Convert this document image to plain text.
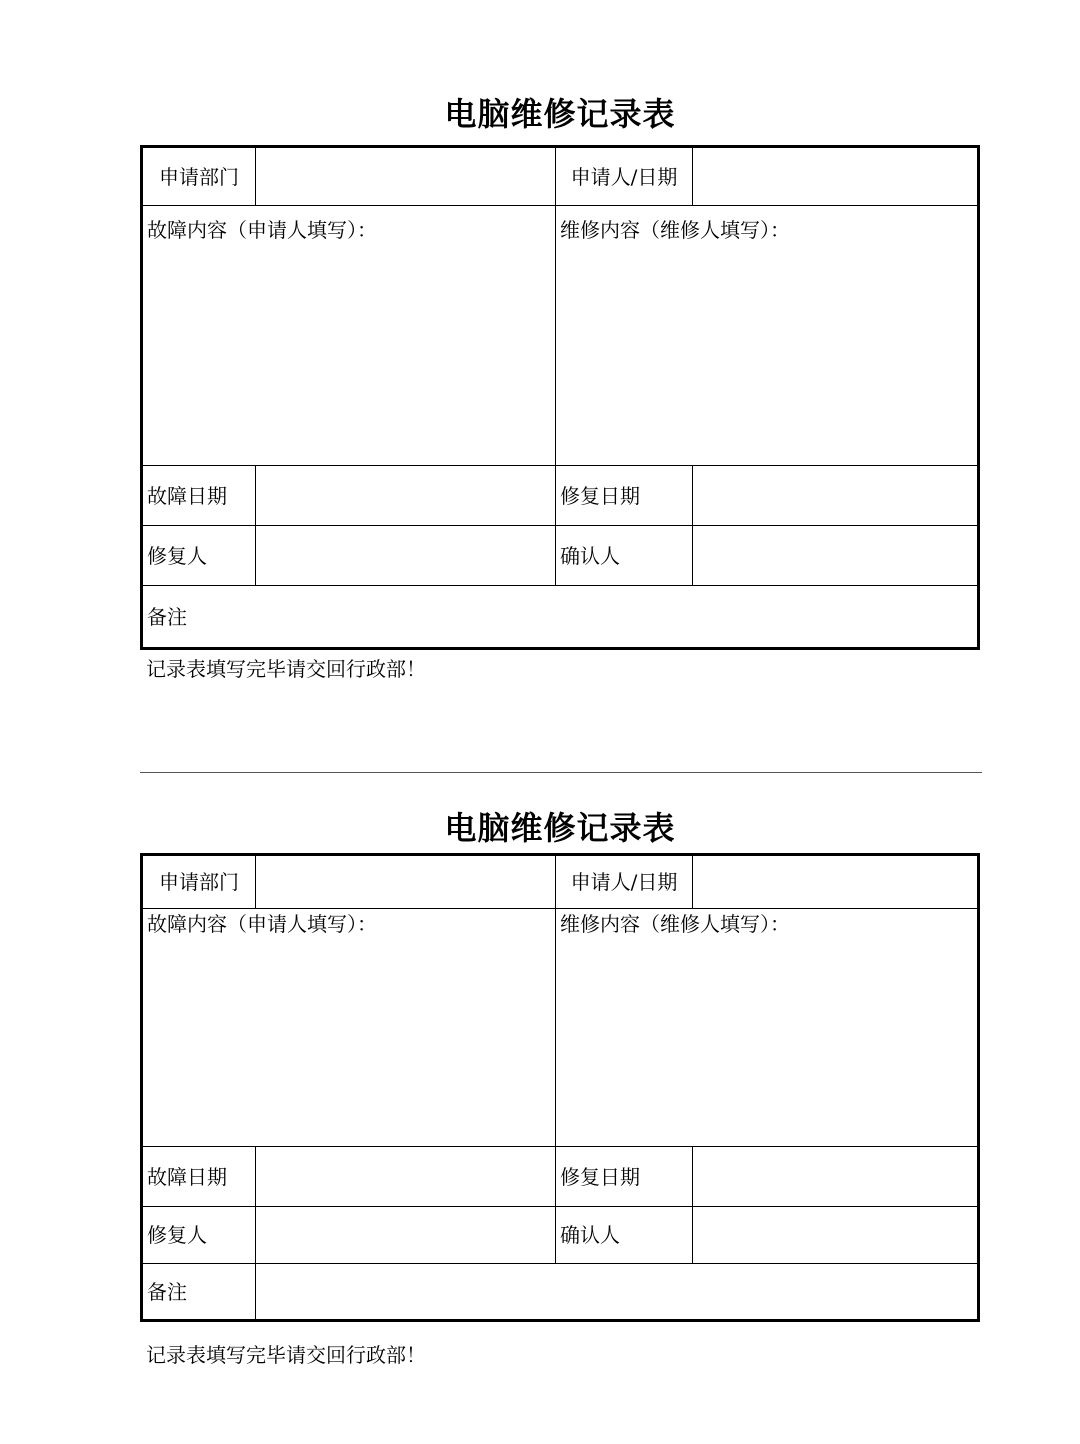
电脑维修记录表
申请部门	申请人/日期
故障内容（申请人填写）：	维修内容（维修人填写）：
故障日期	修复日期
修复人	确认人
备注
记录表填写完毕请交回行政部！
电脑维修记录表
申请部门	申请人/日期
故障内容（申请人填写）：	维修内容（维修人填写）：
故障日期	修复日期
修复人	确认人
备注
记录表填写完毕请交回行政部！
